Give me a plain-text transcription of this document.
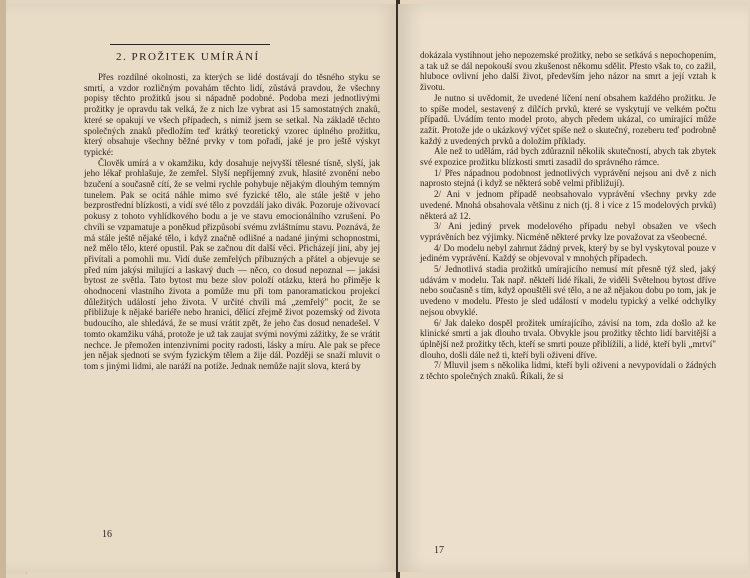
2. PROŽITEK UMÍRÁNÍ

Přes rozdílné okolnosti, za kterých se lidé dostávají do těsného styku se smrtí, a vzdor rozličným povahám těchto lidí, zůstává pravdou, že všechny popisy těchto prožitků jsou si nápadně podobné. Podoba mezi jednotlivými prožitky je opravdu tak velká, že z nich lze vybrat asi 15 samostatných znaků, které se opakují ve všech případech, s nimiž jsem se setkal. Na základě těchto společných znaků předložím teď krátký teoretický vzorec úplného prožitku, který obsahuje všechny běžné prvky v tom pořadí, jaké je pro ještě výskyt typické:

Člověk umírá a v okamžiku, kdy dosahuje nejvyšší tělesné tísně, slyší, jak jeho lékař prohlašuje, že zemřel. Slyší nepříjemný zvuk, hlasité zvonění nebo bzučení a současně cítí, že se velmi rychle pohybuje nějakým dlouhým temným tunelem. Pak se ocitá náhle mimo své fyzické tělo, ale stále ještě v jeho bezprostřední blízkosti, a vidí své tělo z povzdálí jako divák. Pozoruje oživovací pokusy z tohoto vyhlídkového bodu a je ve stavu emocionálního vzrušení. Po chvíli se vzpamatuje a poněkud přizpůsobí svému zvláštnímu stavu. Poznává, že má stále ještě nějaké tělo, i když značně odlišné a nadané jinými schopnostmi, než mělo tělo, které opustil. Pak se začnou dít další věci. Přicházejí jiní, aby jej přivítali a pomohli mu. Vidí duše zemřelých příbuzných a přátel a objevuje se před ním jakýsi milující a laskavý duch — něco, co dosud nepoznal — jakási bytost ze světla. Tato bytost mu beze slov položí otázku, která ho přiměje k ohodnocení vlastního života a pomůže mu při tom panoramatickou projekcí důležitých událostí jeho života. V určité chvíli má „zemřelý" pocit, že se přibližuje k nějaké bariéře nebo hranici, dělící zřejmě život pozemský od života budoucího, ale shledává, že se musí vrátit zpět, že jeho čas dosud nenadešel. V tomto okamžiku váhá, protože je už tak zaujat svými novými zážitky, že se vrátit nechce. Je přemožen intenzivními pocity radosti, lásky a míru. Ale pak se přece jen nějak sjednotí se svým fyzickým tělem a žije dál. Později se snaží mluvit o tom s jinými lidmi, ale naráží na potíže. Jednak nemůže najít slova, která by

16

dokázala vystihnout jeho nepozemské prožitky, nebo se setkává s nepochopením, a tak už se dál nepokouší svou zkušenost někomu sdělit. Přesto však to, co zažil, hluboce ovlivní jeho další život, především jeho názor na smrt a její vztah k životu.

Je nutno si uvědomit, že uvedené líčení není obsahem každého prožitku. Je to spíše model, sestavený z dílčích prvků, které se vyskytují ve velkém počtu případů. Uvádím tento model proto, abych předem ukázal, co umírající může zažít. Protože jde o ukázkový výčet spíše než o skutečný, rozeberu teď podrobně každý z uvedených prvků a doložím příklady.

Ale než to udělám, rád bych zdůraznil několik skutečností, abych tak zbytek své expozice prožitku blízkosti smrti zasadil do správného rámce.

1/ Přes nápadnou podobnost jednotlivých vyprávění nejsou ani dvě z nich naprosto stejná (i když se některá sobě velmi přibližují).

2/ Ani v jednom případě neobsahovalo vyprávění všechny prvky zde uvedené. Mnohá obsahovala většinu z nich (tj. 8 i více z 15 modelových prvků) některá až 12.

3/ Ani jediný prvek modelového případu nebyl obsažen ve všech vyprávěních bez výjimky. Nicméně některé prvky lze považovat za všeobecné.

4/ Do modelu nebyl zahrnut žádný prvek, který by se byl vyskytoval pouze v jediném vyprávění. Každý se objevoval v mnohých případech.

5/ Jednotlivá stadia prožitků umírajícího nemusí mít přesně týž sled, jaký udávám v modelu. Tak např. někteří lidé říkali, že viděli Světelnou bytost dříve nebo současně s tím, když opouštěli své tělo, a ne až nějakou dobu po tom, jak je uvedeno v modelu. Přesto je sled událostí v modelu typický a velké odchylky nejsou obvyklé.

6/ Jak daleko dospěl prožitek umírajícího, závisí na tom, zda došlo až ke klinické smrti a jak dlouho trvala. Obvykle jsou prožitky těchto lidí barvitější a úplnější než prožitky těch, kteří se smrti pouze přiblížili, a lidé, kteří byli „mrtví" dlouho, došli dále než ti, kteří byli oživeni dříve.

7/ Mluvil jsem s několika lidmi, kteří byli oživeni a nevypovídali o žádných z těchto společných znaků. Říkali, že si

17
